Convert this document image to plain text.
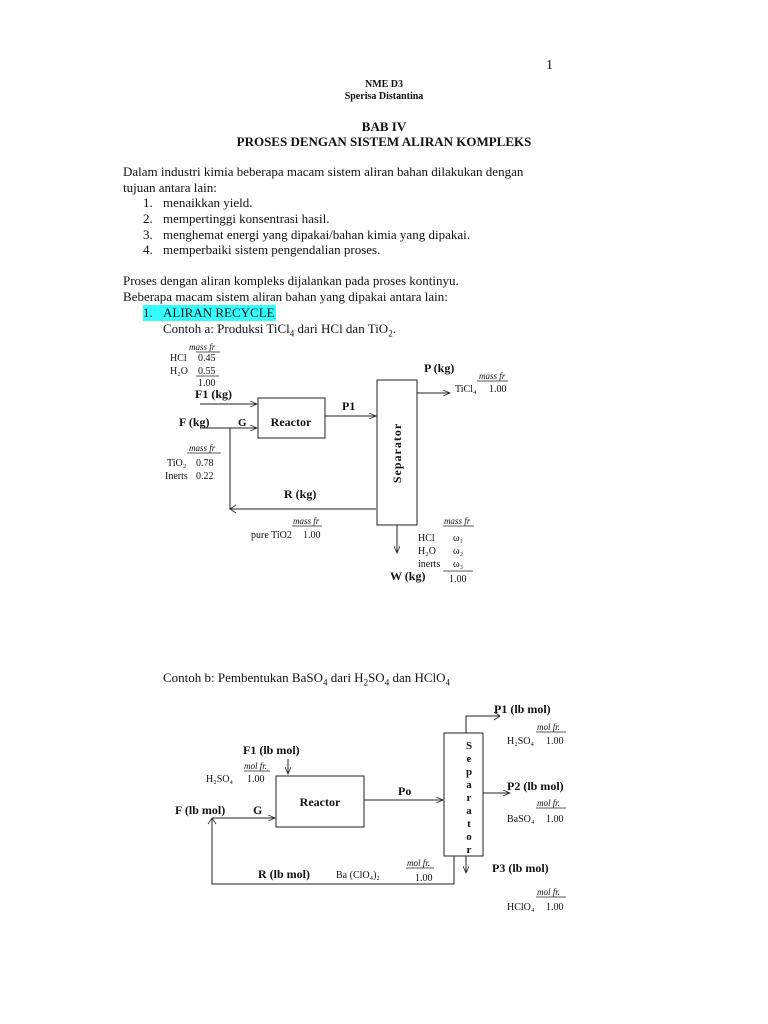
1
NME D3
Sperisa Distantina
BAB IV
PROSES DENGAN SISTEM ALIRAN KOMPLEKS
Dalam industri kimia beberapa macam sistem aliran bahan dilakukan dengan
tujuan antara lain:
1. menaikkan yield.
2. mempertinggi konsentrasi hasil.
3. menghemat energi yang dipakai/bahan kimia yang dipakai.
4. memperbaiki sistem pengendalian proses.
Proses dengan aliran kompleks dijalankan pada proses kontinyu.
Beberapa macam sistem aliran bahan yang dipakai antara lain:
1. ALIRAN RECYCLE
Contoh a: Produksi TiCl$_4$ dari HCl dan TiO$_2$.
Contoh b: Pembentukan BaSO$_4$ dari $H_2SO_4$ dan HClO$_4$
mass fr
HCl 0.45
H₂O 0.55
1.00
F1 (kg)
F (kg)	G Reactor
P1
mass fr
TiO₂ 0.78
Inerts 0.22	Separator
P (kg)
mass fr
TiCl₄ 1.00
R (kg)
mass fr
pure TiO2 1.00
mass fr
HCl ω₁
H₂O ω₂
inerts ω₃
1.00
W (kg)
F1 (lb mol)
mol fr.
H₂SO₄ 1.00
F (lb mol) G
Reactor
Po
S
e
p
a
r
a
t
o
r
P1 (lb mol)
mol fr.
H₂SO₄ 1.00
P2 (lb mol)
mol fr.
BaSO₄ 1.00
P3 (lb mol)
mol fr.
HClO₄ 1.00
R (lb mol)	Ba (ClO₄)₂
mol fr.
1.00
